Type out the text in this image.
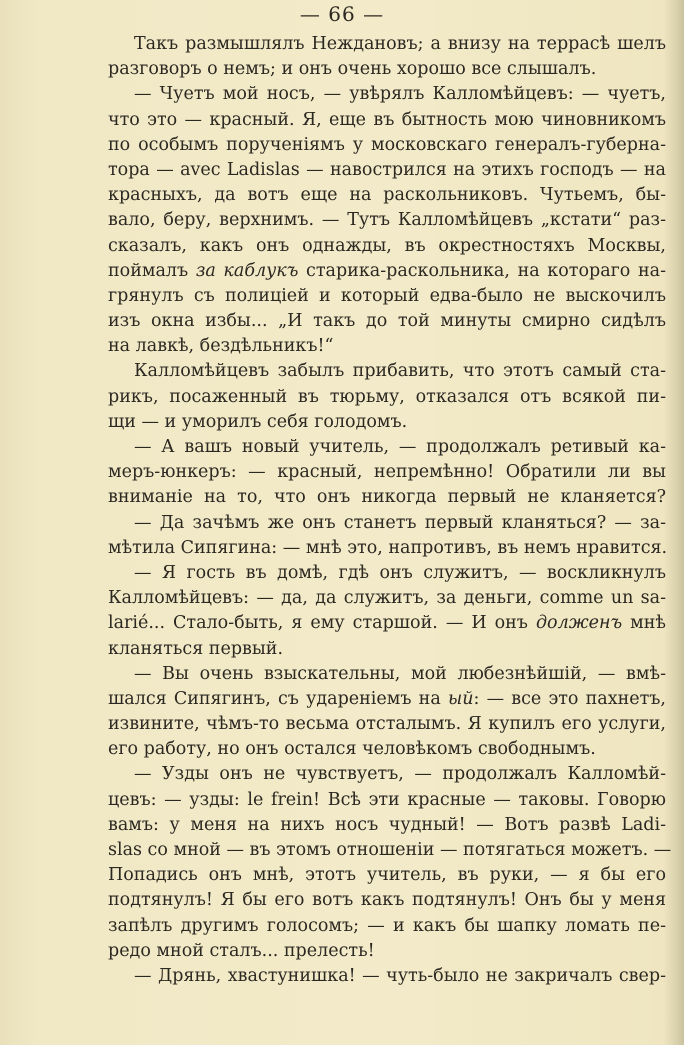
— 66 —
Такъ размышлялъ Неждановъ; а внизу на террасѣ шелъ
разговоръ о немъ; и онъ очень хорошо все слышалъ.
— Чуетъ мой носъ, — увѣрялъ Калломѣйцевъ: — чуетъ,
что это — красный. Я, еще въ бытность мою чиновникомъ
по особымъ порученіямъ у московскаго генералъ-губерна-
тора — avec Ladislas — навострился на этихъ господъ — на
красныхъ, да вотъ еще на раскольниковъ. Чутьемъ, бы-
вало, беру, верхнимъ. — Тутъ Калломѣйцевъ „кстати“ раз-
сказалъ, какъ онъ однажды, въ окрестностяхъ Москвы,
поймалъ за каблукъ старика-раскольника, на котораго на-
грянулъ съ полиціей и который едва-было не выскочилъ
изъ окна избы... „И такъ до той минуты смирно сидѣлъ
на лавкѣ, бездѣльникъ!“
Калломѣйцевъ забылъ прибавить, что этотъ самый ста-
рикъ, посаженный въ тюрьму, отказался отъ всякой пи-
щи — и уморилъ себя голодомъ.
— А вашъ новый учитель, — продолжалъ ретивый ка-
меръ-юнкеръ: — красный, непремѣнно! Обратили ли вы
вниманіе на то, что онъ никогда первый не кланяется?
— Да зачѣмъ же онъ станетъ первый кланяться? — за-
мѣтила Сипягина: — мнѣ это, напротивъ, въ немъ нравится.
— Я гость въ домѣ, гдѣ онъ служитъ, — воскликнулъ
Калломѣйцевъ: — да, да служитъ, за деньги, comme un sa-
larié... Стало-быть, я ему старшой. — И онъ долженъ мнѣ
кланяться первый.
— Вы очень взыскательны, мой любезнѣйшій, — вмѣ-
шался Сипягинъ, съ удареніемъ на ый: — все это пахнетъ,
извините, чѣмъ-то весьма отсталымъ. Я купилъ его услуги,
его работу, но онъ остался человѣкомъ свободнымъ.
— Узды онъ не чувствуетъ, — продолжалъ Калломѣй-
цевъ: — узды: le frein! Всѣ эти красные — таковы. Говорю
вамъ: у меня на нихъ носъ чудный! — Вотъ развѣ Ladi-
slas со мной — въ этомъ отношеніи — потягаться можетъ. —
Попадись онъ мнѣ, этотъ учитель, въ руки, — я бы его
подтянулъ! Я бы его вотъ какъ подтянулъ! Онъ бы у меня
запѣлъ другимъ голосомъ; — и какъ бы шапку ломать пе-
редо мной сталъ... прелесть!
— Дрянь, хвастунишка! — чуть-было не закричалъ свер-
